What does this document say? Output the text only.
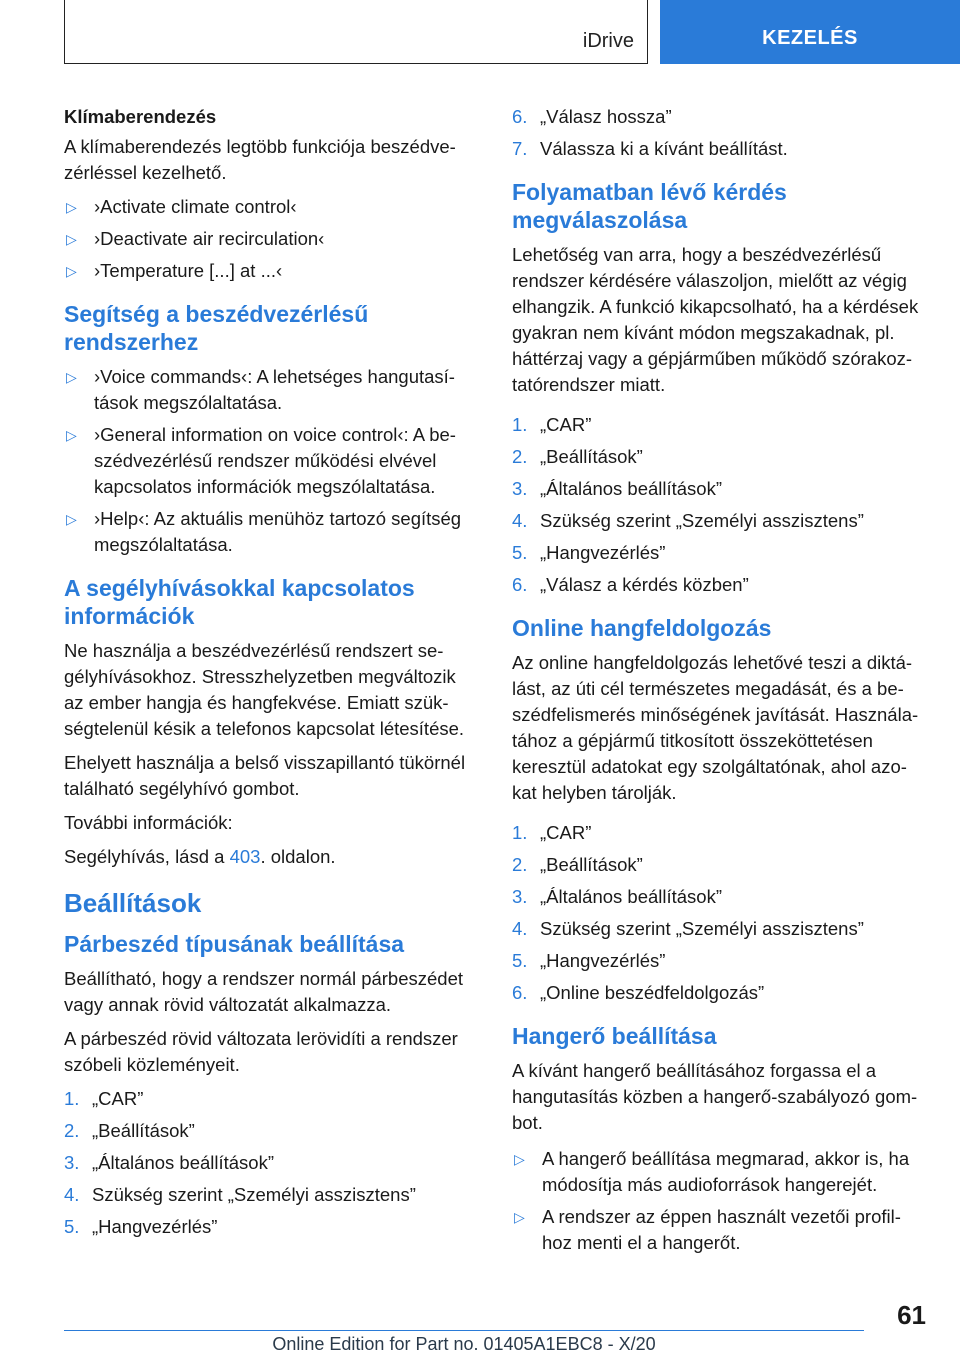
iDrive	KEZELÉS
Klímaberendezés

A klímaberendezés legtöbb funkciója beszédve-zérléssel kezelhető.

▷ ›Activate climate control‹
▷ ›Deactivate air recirculation‹
▷ ›Temperature [...] at ...‹
Segítség a beszédvezérlésű rendszerhez
▷ ›Voice commands‹: A lehetséges hangutasí-tások megszólaltatása.
▷ ›General information on voice control‹: A be-szédvezérlésű rendszer működési elvével kapcsolatos információk megszólaltatása.
▷ ›Help‹: Az aktuális menühöz tartozó segítség megszólaltatása.
A segélyhívásokkal kapcsolatos információk

Ne használja a beszédvezérlésű rendszert se-gélyhívásokhoz. Stresszhelyzetben megváltozik az ember hangja és hangfekvése. Emiatt szük-ségtelenül késik a telefonos kapcsolat létesítése.

Ehelyett használja a belső visszapillantó tükörnél található segélyhívó gombot.

További információk:

Segélyhívás, lásd a 403. oldalon.

Beállítások
Párbeszéd típusának beállítása

Beállítható, hogy a rendszer normál párbeszédet vagy annak rövid változatát alkalmazza.

A párbeszéd rövid változata lerövidíti a rendszer szóbeli közleményeit.

1. „CAR”
2. „Beállítások”
3. „Általános beállítások”
4. Szükség szerint „Személyi asszisztens”
5. „Hangvezérlés”
6. „Válasz hossza”
7. Válassza ki a kívánt beállítást.
Folyamatban lévő kérdés megválaszolása

Lehetőség van arra, hogy a beszédvezérlésű rendszer kérdésére válaszoljon, mielőtt az végig elhangzik. A funkció kikapcsolható, ha a kérdések gyakran nem kívánt módon megszakadnak, pl. háttérzaj vagy a gépjárműben működő szórakoz-tatórendszer miatt.

1. „CAR”
2. „Beállítások”
3. „Általános beállítások”
4. Szükség szerint „Személyi asszisztens”
5. „Hangvezérlés”
6. „Válasz a kérdés közben”
Online hangfeldolgozás

Az online hangfeldolgozás lehetővé teszi a diktá-lást, az úti cél természetes megadását, és a be-szédfelismerés minőségének javítását. Használa-tához a gépjármű titkosított összeköttetésen keresztül adatokat egy szolgáltatónak, ahol azo-kat helyben tárolják.

1. „CAR”
2. „Beállítások”
3. „Általános beállítások”
4. Szükség szerint „Személyi asszisztens”
5. „Hangvezérlés”
6. „Online beszédfeldolgozás”
Hangerő beállítása

A kívánt hangerő beállításához forgassa el a hangutasítás közben a hangerő-szabályozó gom-bot.

▷ A hangerő beállítása megmarad, akkor is, ha módosítja más audioforrások hangerejét.
▷ A rendszer az éppen használt vezetői profil-hoz menti el a hangerőt.
61
Online Edition for Part no. 01405A1EBC8 - X/20
